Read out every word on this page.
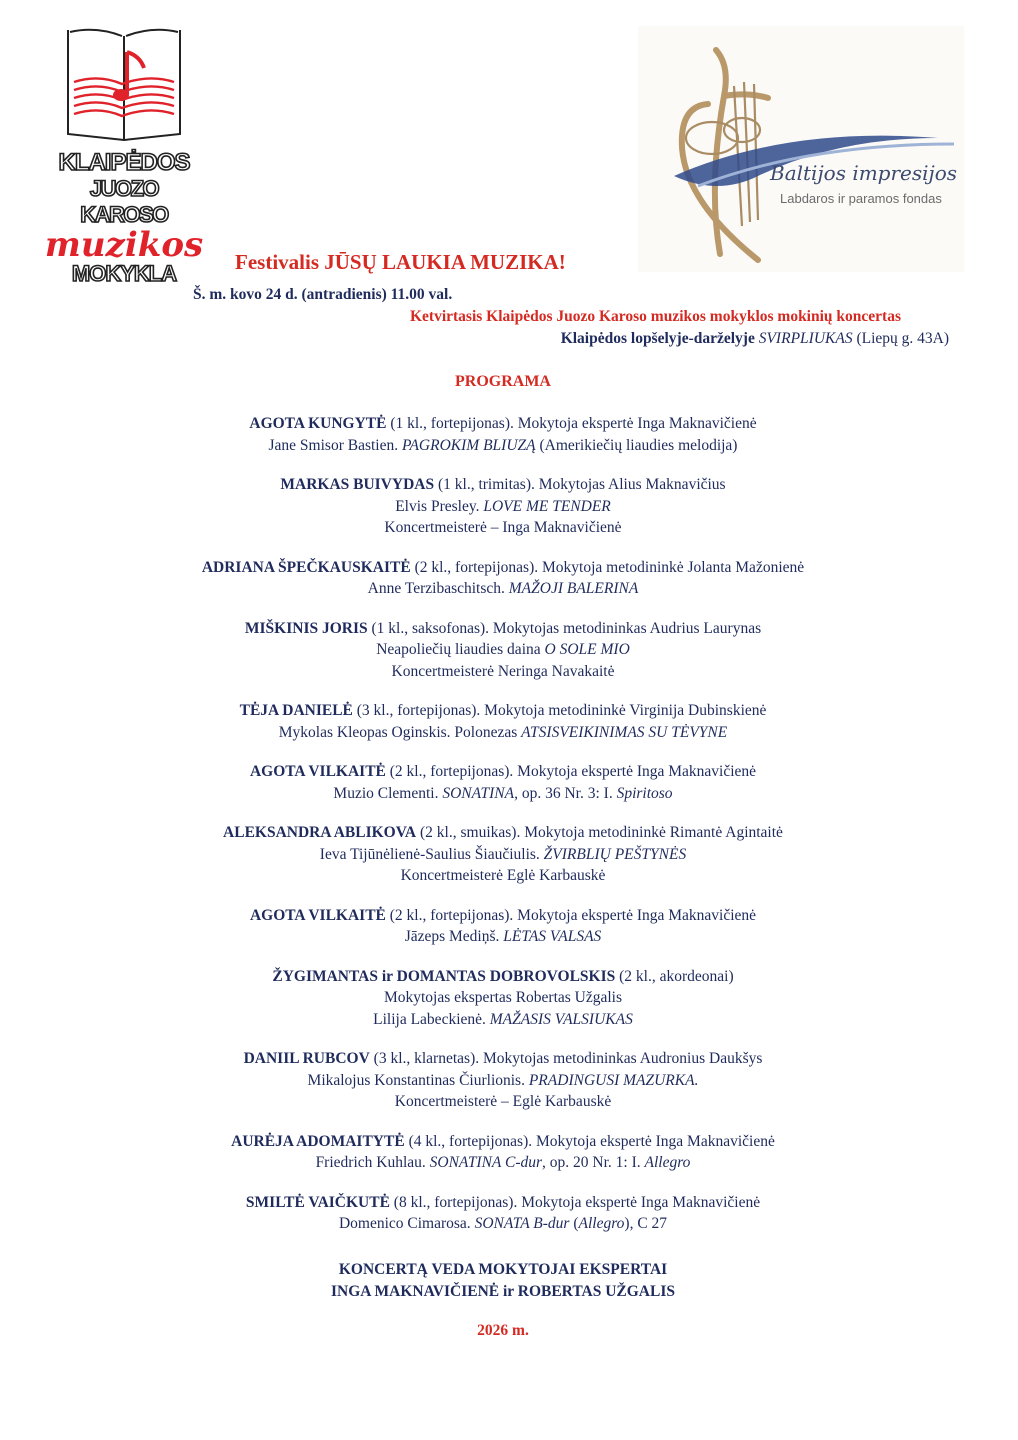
KLAIPĖDOS
JUOZO KAROSO
muzikos
MOKYKLA
Baltijos impresijos
Labdaros ir paramos fondas
Festivalis JŪSŲ LAUKIA MUZIKA!
Š. m. kovo 24 d. (antradienis) 11.00 val.
Ketvirtasis Klaipėdos Juozo Karoso muzikos mokyklos mokinių koncertas
Klaipėdos lopšelyje-darželyje SVIRPLIUKAS (Liepų g. 43A)
PROGRAMA
AGOTA KUNGYTĖ (1 kl., fortepijonas). Mokytoja ekspertė Inga Maknavičienė
Jane Smisor Bastien. PAGROKIM BLIUZĄ (Amerikiečių liaudies melodija)
MARKAS BUIVYDAS (1 kl., trimitas). Mokytojas Alius Maknavičius
Elvis Presley. LOVE ME TENDER
Koncertmeisterė – Inga Maknavičienė
ADRIANA ŠPEČKAUSKAITĖ (2 kl., fortepijonas). Mokytoja metodininkė Jolanta Mažonienė
Anne Terzibaschitsch. MAŽOJI BALERINA
MIŠKINIS JORIS (1 kl., saksofonas). Mokytojas metodininkas Audrius Laurynas
Neapoliečių liaudies daina O SOLE MIO
Koncertmeisterė Neringa Navakaitė
TĖJA DANIELĖ (3 kl., fortepijonas). Mokytoja metodininkė Virginija Dubinskienė
Mykolas Kleopas Oginskis. Polonezas ATSISVEIKINIMAS SU TĖVYNE
AGOTA VILKAITĖ (2 kl., fortepijonas). Mokytoja ekspertė Inga Maknavičienė
Muzio Clementi. SONATINA, op. 36 Nr. 3: I. Spiritoso
ALEKSANDRA ABLIKOVA (2 kl., smuikas). Mokytoja metodininkė Rimantė Agintaitė
Ieva Tijūnėlienė-Saulius Šiaučiulis. ŽVIRBLIŲ PEŠTYNĖS
Koncertmeisterė Eglė Karbauskė
AGOTA VILKAITĖ (2 kl., fortepijonas). Mokytoja ekspertė Inga Maknavičienė
Jāzeps Mediņš. LĖTAS VALSAS
ŽYGIMANTAS ir DOMANTAS DOBROVOLSKIS (2 kl., akordeonai)
Mokytojas ekspertas Robertas Užgalis
Lilija Labeckienė. MAŽASIS VALSIUKAS
DANIIL RUBCOV (3 kl., klarnetas). Mokytojas metodininkas Audronius Daukšys
Mikalojus Konstantinas Čiurlionis. PRADINGUSI MAZURKA.
Koncertmeisterė – Eglė Karbauskė
AURĖJA ADOMAITYTĖ (4 kl., fortepijonas). Mokytoja ekspertė Inga Maknavičienė
Friedrich Kuhlau. SONATINA C-dur, op. 20 Nr. 1: I. Allegro
SMILTĖ VAIČKUTĖ (8 kl., fortepijonas). Mokytoja ekspertė Inga Maknavičienė
Domenico Cimarosa. SONATA B-dur (Allegro), C 27
KONCERTĄ VEDA MOKYTOJAI EKSPERTAI
INGA MAKNAVIČIENĖ ir ROBERTAS UŽGALIS
2026 m.
